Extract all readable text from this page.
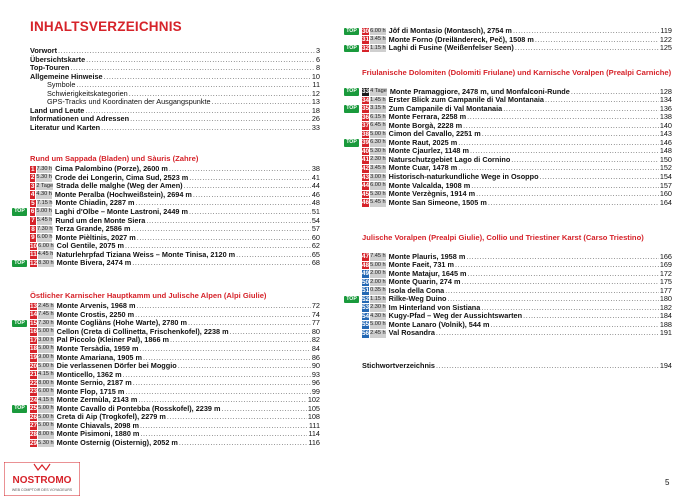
INHALTSVERZEICHNIS
Vorwort .....	3
Übersichtskarte .....	6
Top-Touren .....	8
Allgemeine Hinweise .....	10
Symbole .....	11
Schwierigkeitskategorien .....	12
GPS-Tracks und Koordinaten der Ausgangspunkte .....	13
Land und Leute .....	18
Informationen und Adressen .....	26
Literatur und Karten .....	33
Rund um Sappada (Bladen) und Sàuris (Zahre)
1 7.30 h Cima Palombino (Porze), 2600 m .....	38
2 5.30 h Crode dei Longerin, Cima Sud, 2523 m .....	41
3 2 Tage Strada delle malghe (Weg der Amen) .....	44
4 4.30 h Monte Peralba (Hochweißstein), 2694 m .....	46
5 7.15 h Monte Chiadin, 2287 m .....	48
TOP 6 5.00 h Laghi d'Olbe – Monte Lastroni, 2449 m .....	51
7 5.45 h Rund um den Monte Siera .....	54
8 7.30 h Terza Grande, 2586 m .....	57
9 6.00 h Monte Pièltinis, 2027 m .....	60
10 6.00 h Col Gentile, 2075 m .....	62
11 4.45 h Naturlehrpfad Tiziana Weiss – Monte Tinisa, 2120 m .....	65
TOP 12 8.30 h Monte Bivera, 2474 m .....	68
Östlicher Karnischer Hauptkamm und Julische Alpen (Alpi Giulie)
13 2.45 h Monte Arvenis, 1968 m .....	72
14 7.45 h Monte Crostis, 2250 m .....	74
TOP 15 7.30 h Monte Cogliàns (Hohe Warte), 2780 m .....	77
16 5.00 h Cellon (Creta di Collinetta, Frischenkofel), 2238 m .....	80
17 3.00 h Pal Piccolo (Kleiner Pal), 1866 m .....	82
18 5.00 h Monte Tersàdia, 1959 m .....	84
19 9.00 h Monte Amariana, 1905 m .....	86
20 5.00 h Die verlassenen Dörfer bei Moggio .....	90
21 4.15 h Monticello, 1362 m .....	93
22 8.00 h Monte Sernio, 2187 m .....	96
23 6.00 h Monte Flop, 1715 m .....	99
24 4.15 h Monte Zermùla, 2143 m .....	102
TOP 25 5.00 h Monte Cavallo di Pontebba (Rosskofel), 2239 m .....	105
26 5.00 h Creta di Aip (Trogkofel), 2279 m .....	108
27 5.00 h Monte Chiavals, 2098 m .....	111
28 8.00 h Monte Pisimoni, 1880 m .....	114
29 5.30 h Monte Osternig (Oisternig), 2052 m .....	116
TOP 30 6.00 h Jôf di Montasio (Montasch), 2754 m .....	119
31 3.45 h Monte Forno (Dreiländereck, Peč), 1508 m .....	122
TOP 32 1.15 h Laghi di Fusine (Weißenfelser Seen) .....	125
Friulanische Dolomiten (Dolomiti Friulane) und Karnische Voralpen (Prealpi Carniche)
TOP 33 4 Tage Monte Pramaggiore, 2478 m, und Monfalconi-Runde .....	128
34 1.45 h Erster Blick zum Campanile di Val Montanaia .....	134
TOP 35 3.15 h Zum Campanile di Val Montanaia .....	136
36 6.15 h Monte Ferrara, 2258 m .....	138
37 6.45 h Monte Borgà, 2228 m .....	140
38 5.00 h Cimon del Cavallo, 2251 m .....	143
TOP 39 6.30 h Monte Raut, 2025 m .....	146
40 5.30 h Monte Cjaurlez, 1148 m .....	148
41 2.30 h Naturschutzgebiet Lago di Cornino .....	150
42 3.45 h Monte Cuar, 1478 m .....	152
43 3.00 h Historisch-naturkundliche Wege in Osoppo .....	154
44 6.00 h Monte Valcalda, 1908 m .....	157
45 5.30 h Monte Verzègnis, 1914 m .....	160
46 5.45 h Monte San Simeone, 1505 m .....	164
Julische Voralpen (Prealpi Giulie), Collio und Triestiner Karst (Carso Triestino)
47 7.45 h Monte Plauris, 1958 m .....	166
48 5.00 h Monte Faeit, 731 m .....	169
49 2.00 h Monte Matajur, 1645 m .....	172
50 2.00 h Monte Quarin, 274 m .....	175
51 0.35 h Isola della Cona .....	177
TOP 52 1.15 h Rilke-Weg Duino .....	180
53 2.30 h Im Hinterland von Sistiana .....	182
54 4.30 h Kugy-Pfad – Weg der Aussichtswarten .....	184
55 5.00 h Monte Lanaro (Volnik), 544 m .....	188
56 2.45 h Val Rosandra .....	191
Stichwortverzeichnis .....	194
5
NOSTROMO
WEB COMPTOIR DES VOYAGEURS
